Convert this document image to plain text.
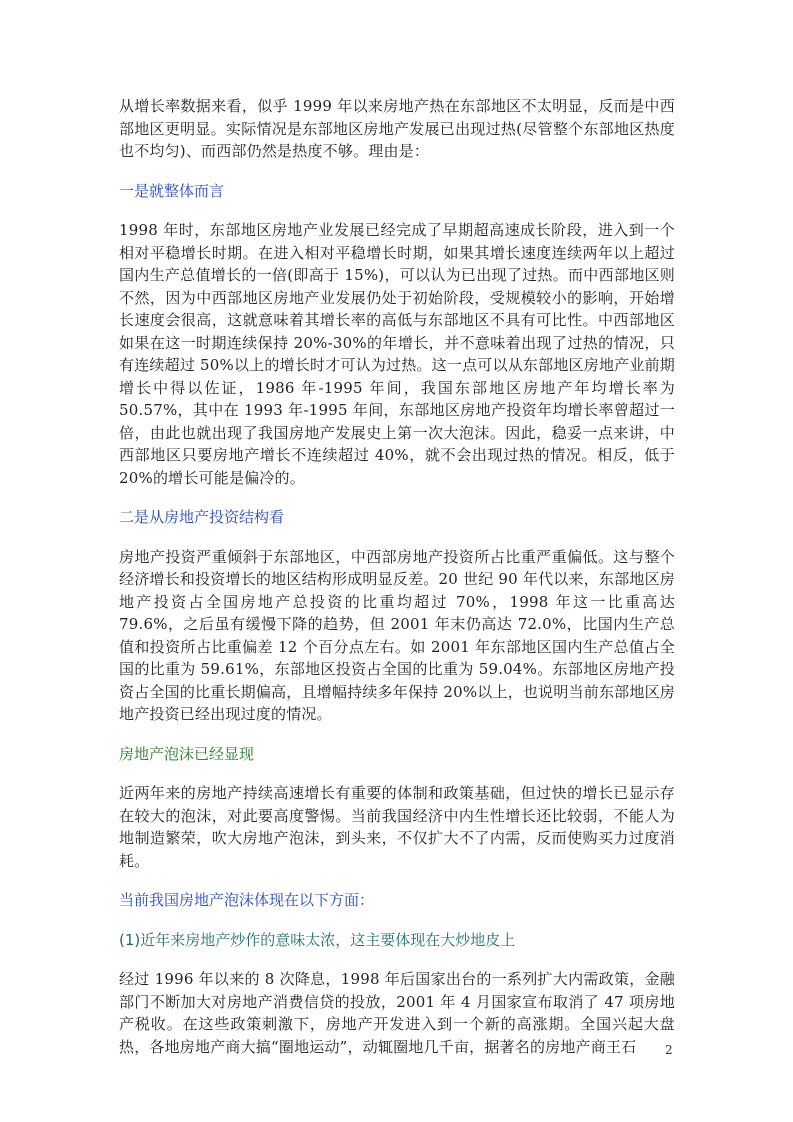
从增长率数据来看，似乎 1999 年以来房地产热在东部地区不太明显，反而是中西部地区更明显。实际情况是东部地区房地产发展已出现过热(尽管整个东部地区热度也不均匀)、而西部仍然是热度不够。理由是：

一是就整体而言

1998 年时，东部地区房地产业发展已经完成了早期超高速成长阶段，进入到一个相对平稳增长时期。在进入相对平稳增长时期，如果其增长速度连续两年以上超过国内生产总值增长的一倍(即高于 15%)，可以认为已出现了过热。而中西部地区则不然，因为中西部地区房地产业发展仍处于初始阶段，受规模较小的影响，开始增长速度会很高，这就意味着其增长率的高低与东部地区不具有可比性。中西部地区如果在这一时期连续保持 20%-30%的年增长，并不意味着出现了过热的情况，只有连续超过 50%以上的增长时才可认为过热。这一点可以从东部地区房地产业前期增长中得以佐证，1986 年-1995 年间，我国东部地区房地产年均增长率为 50.57%，其中在 1993 年-1995 年间，东部地区房地产投资年均增长率曾超过一倍，由此也就出现了我国房地产发展史上第一次大泡沫。因此，稳妥一点来讲，中西部地区只要房地产增长不连续超过 40%，就不会出现过热的情况。相反，低于 20%的增长可能是偏冷的。

二是从房地产投资结构看

房地产投资严重倾斜于东部地区，中西部房地产投资所占比重严重偏低。这与整个经济增长和投资增长的地区结构形成明显反差。20 世纪 90 年代以来，东部地区房地产投资占全国房地产总投资的比重均超过 70%，1998 年这一比重高达79.6%，之后虽有缓慢下降的趋势，但 2001 年末仍高达 72.0%，比国内生产总值和投资所占比重偏差 12 个百分点左右。如 2001 年东部地区国内生产总值占全国的比重为 59.61%，东部地区投资占全国的比重为 59.04%。东部地区房地产投资占全国的比重长期偏高，且增幅持续多年保持 20%以上，也说明当前东部地区房地产投资已经出现过度的情况。

房地产泡沫已经显现

近两年来的房地产持续高速增长有重要的体制和政策基础，但过快的增长已显示存在较大的泡沫，对此要高度警惕。当前我国经济中内生性增长还比较弱，不能人为地制造繁荣，吹大房地产泡沫，到头来，不仅扩大不了内需，反而使购买力过度消耗。

当前我国房地产泡沫体现在以下方面：

(1)近年来房地产炒作的意味太浓，这主要体现在大炒地皮上

经过 1996 年以来的 8 次降息，1998 年后国家出台的一系列扩大内需政策，金融部门不断加大对房地产消费信贷的投放，2001 年 4 月国家宣布取消了 47 项房地产税收。在这些政策刺激下，房地产开发进入到一个新的高涨期。全国兴起大盘热，各地房地产商大搞“圈地运动”，动辄圈地几千亩，据著名的房地产商王石	2
